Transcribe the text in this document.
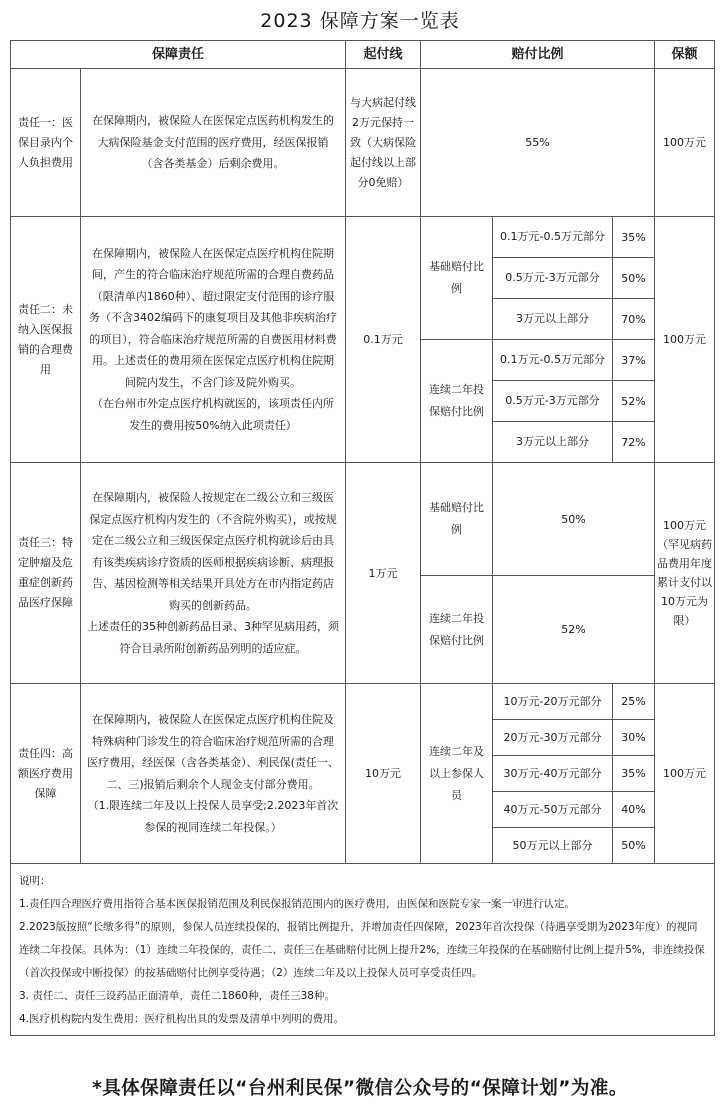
2023 保障方案一览表
保障责任		起付线	赔付比例			保额
责任一：医保目录内个人负担费用	在保障期内，被保险人在医保定点医药机构发生的大病保险基金支付范围的医疗费用，经医保报销（含各类基金）后剩余费用。	与大病起付线2万元保持一致（大病保险起付线以上部分0免赔）	55%			100万元
责任二：未纳入医保报销的合理费用	在保障期内，被保险人在医保定点医疗机构住院期间，产生的符合临床治疗规范所需的合理自费药品（限清单内1860种）、超过限定支付范围的诊疗服务（不含3402编码下的康复项目及其他非疾病治疗的项目），符合临床治疗规范所需的自费医用材料费用。上述责任的费用须在医保定点医疗机构住院期间院内发生，不含门诊及院外购买。
（在台州市外定点医疗机构就医的，该项责任内所发生的费用按50%纳入此项责任）	0.1万元	基础赔付比例	0.1万元-0.5万元部分	35%	100万元
				0.5万元-3万元部分	50%	
				3万元以上部分	70%	
			连续二年投保赔付比例	0.1万元-0.5万元部分	37%	
				0.5万元-3万元部分	52%	
				3万元以上部分	72%	
责任三：特定肿瘤及危重症创新药品医疗保障	在保障期内，被保险人按规定在二级公立和三级医保定点医疗机构内发生的（不含院外购买），或按规定在二级公立和三级医保定点医疗机构就诊后由具有该类疾病诊疗资质的医师根据疾病诊断、病理报告、基因检测等相关结果开具处方在市内指定药店购买的创新药品。
上述责任的35种创新药品目录、3种罕见病用药，须符合目录所附创新药品列明的适应症。	1万元	基础赔付比例	50%		100万元（罕见病药品费用年度累计支付以10万元为限）
			连续二年投保赔付比例	52%		
责任四：高额医疗费用保障	在保障期内，被保险人在医保定点医疗机构住院及特殊病种门诊发生的符合临床治疗规范所需的合理医疗费用，经医保（含各类基金）、利民保(责任一、二、三)报销后剩余个人现金支付部分费用。
（1.限连续二年及以上投保人员享受;2.2023年首次参保的视同连续二年投保。）	10万元	连续二年及以上参保人员	10万元-20万元部分	25%	100万元
				20万元-30万元部分	30%	
				30万元-40万元部分	35%	
				40万元-50万元部分	40%	
				50万元以上部分	50%	

说明：
1.责任四合理医疗费用指符合基本医保报销范围及利民保报销范围内的医疗费用，由医保和医院专家一案一审进行认定。
2.2023版按照“长缴多得”的原则，参保人员连续投保的，报销比例提升，并增加责任四保障，2023年首次投保（待遇享受期为2023年度）的视同连续二年投保。具体为：（1）连续二年投保的，责任二、责任三在基础赔付比例上提升2%，连续三年投保的在基础赔付比例上提升5%，非连续投保（首次投保或中断投保）的按基础赔付比例享受待遇；（2）连续二年及以上投保人员可享受责任四。
3. 责任二、责任三设药品正面清单，责任二1860种，责任三38种。
4.医疗机构院内发生费用：医疗机构出具的发票及清单中列明的费用。						
*具体保障责任以“台州利民保”微信公众号的“保障计划”为准。
